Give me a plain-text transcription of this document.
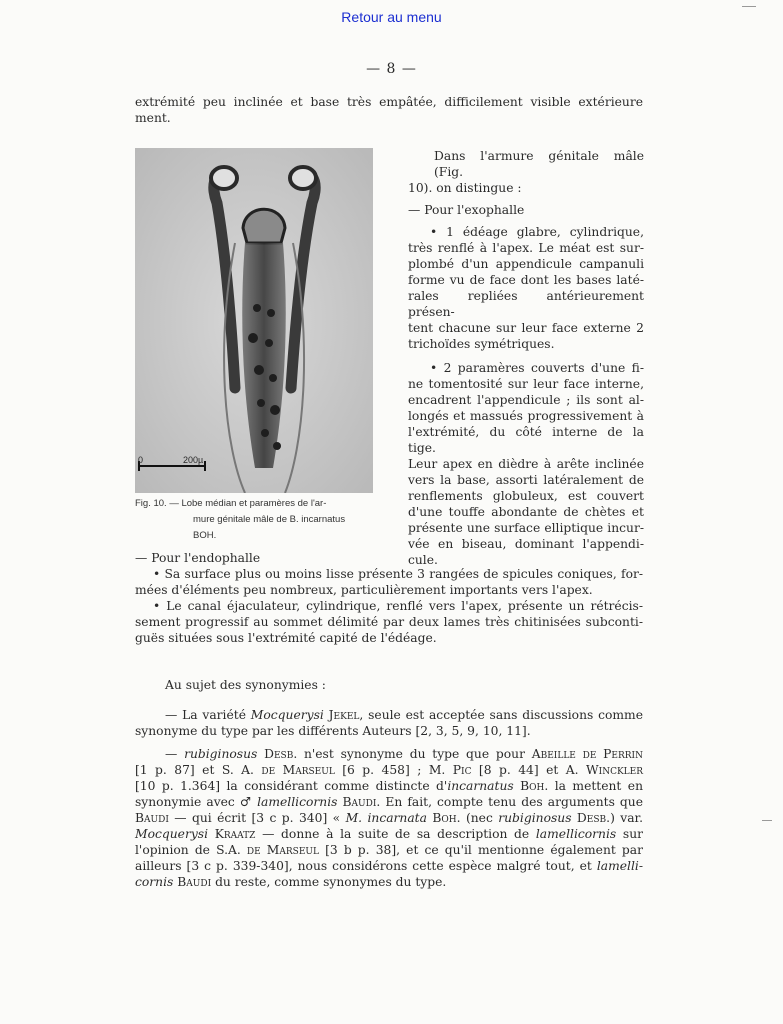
Retour au menu
— 8 —
extrémité peu inclinée et base très empâtée, difficilement visible extérieure
ment.
0	200µ
Fig. 10. — Lobe médian et paramères de l'ar-
mure génitale mâle de B. incarnatus
BOH.
Dans l'armure génitale mâle (Fig.
10). on distingue :
— Pour l'exophalle
• 1 édéage glabre, cylindrique,
très renflé à l'apex. Le méat est sur-
plombé d'un appendicule campanuli
forme vu de face dont les bases laté-
rales repliées antérieurement présen-
tent chacune sur leur face externe 2
trichoïdes symétriques.
• 2 paramères couverts d'une fi-
ne tomentosité sur leur face interne,
encadrent l'appendicule ; ils sont al-
longés et massués progressivement à
l'extrémité, du côté interne de la tige.
Leur apex en dièdre à arête inclinée
vers la base, assorti latéralement de
renflements globuleux, est couvert
d'une touffe abondante de chètes et
présente une surface elliptique incur-
vée en biseau, dominant l'appendi-
cule.
— Pour l'endophalle
• Sa surface plus ou moins lisse présente 3 rangées de spicules coniques, for-
mées d'éléments peu nombreux, particulièrement importants vers l'apex.
• Le canal éjaculateur, cylindrique, renflé vers l'apex, présente un rétrécis-
sement progressif au sommet délimité par deux lames très chitinisées subconti-
guës situées sous l'extrémité capité de l'édéage.
Au sujet des synonymies :
— La variété Mocquerysi Jekel, seule est acceptée sans discussions comme
synonyme du type par les différents Auteurs [2, 3, 5, 9, 10, 11].
— rubiginosus Desb. n'est synonyme du type que pour Abeille de Perrin
[1 p. 87] et S. A. de Marseul [6 p. 458] ; M. Pic [8 p. 44] et A. Winckler
[10 p. 1.364] la considérant comme distincte d'incarnatus Boh. la mettent en
synonymie avec ♂ lamellicornis Baudi. En fait, compte tenu des arguments que
Baudi — qui écrit [3 c p. 340] « M. incarnata Boh. (nec rubiginosus Desb.) var.
Mocquerysi Kraatz — donne à la suite de sa description de lamellicornis sur
l'opinion de S.A. de Marseul [3 b p. 38], et ce qu'il mentionne également par
ailleurs [3 c p. 339-340], nous considérons cette espèce malgré tout, et lamelli-
cornis Baudi du reste, comme synonymes du type.
